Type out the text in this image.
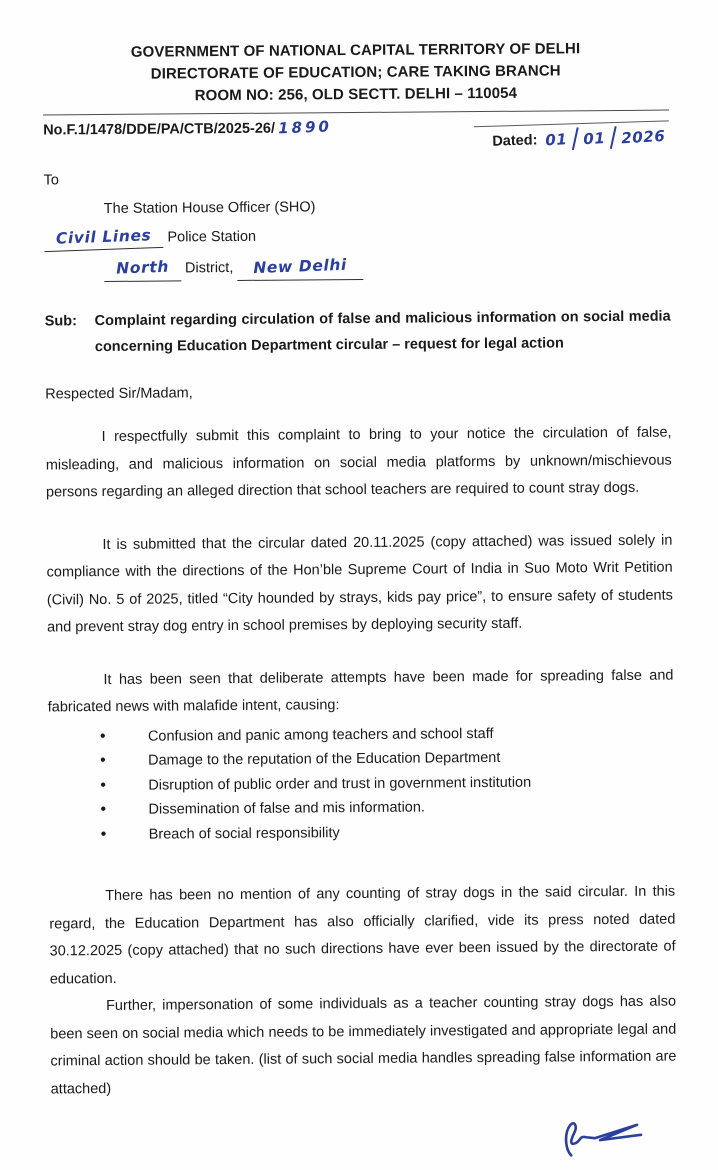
GOVERNMENT OF NATIONAL CAPITAL TERRITORY OF DELHI
DIRECTORATE OF EDUCATION; CARE TAKING BRANCH
ROOM NO: 256, OLD SECTT. DELHI – 110054
No.F.1/1478/DDE/PA/CTB/2025-26/ 1890
Dated: 01 01 2026
To
The Station House Officer (SHO)
Civil Lines Police Station
North District, New Delhi
Sub:	Complaint regarding circulation of false and malicious information on social media concerning Education Department circular – request for legal action
Respected Sir/Madam,

I respectfully submit this complaint to bring to your notice the circulation of false, misleading, and malicious information on social media platforms by unknown/mischievous persons regarding an alleged direction that school teachers are required to count stray dogs.

It is submitted that the circular dated 20.11.2025 (copy attached) was issued solely in compliance with the directions of the Hon’ble Supreme Court of India in Suo Moto Writ Petition (Civil) No. 5 of 2025, titled “City hounded by strays, kids pay price”, to ensure safety of students and prevent stray dog entry in school premises by deploying security staff.

It has been seen that deliberate attempts have been made for spreading false and fabricated news with malafide intent, causing:

• Confusion and panic among teachers and school staff
• Damage to the reputation of the Education Department
• Disruption of public order and trust in government institution
• Dissemination of false and mis information.
• Breach of social responsibility

There has been no mention of any counting of stray dogs in the said circular. In this regard, the Education Department has also officially clarified, vide its press noted dated 30.12.2025 (copy attached) that no such directions have ever been issued by the directorate of education.

Further, impersonation of some individuals as a teacher counting stray dogs has also been seen on social media which needs to be immediately investigated and appropriate legal and criminal action should be taken. (list of such social media handles spreading false information are attached)
